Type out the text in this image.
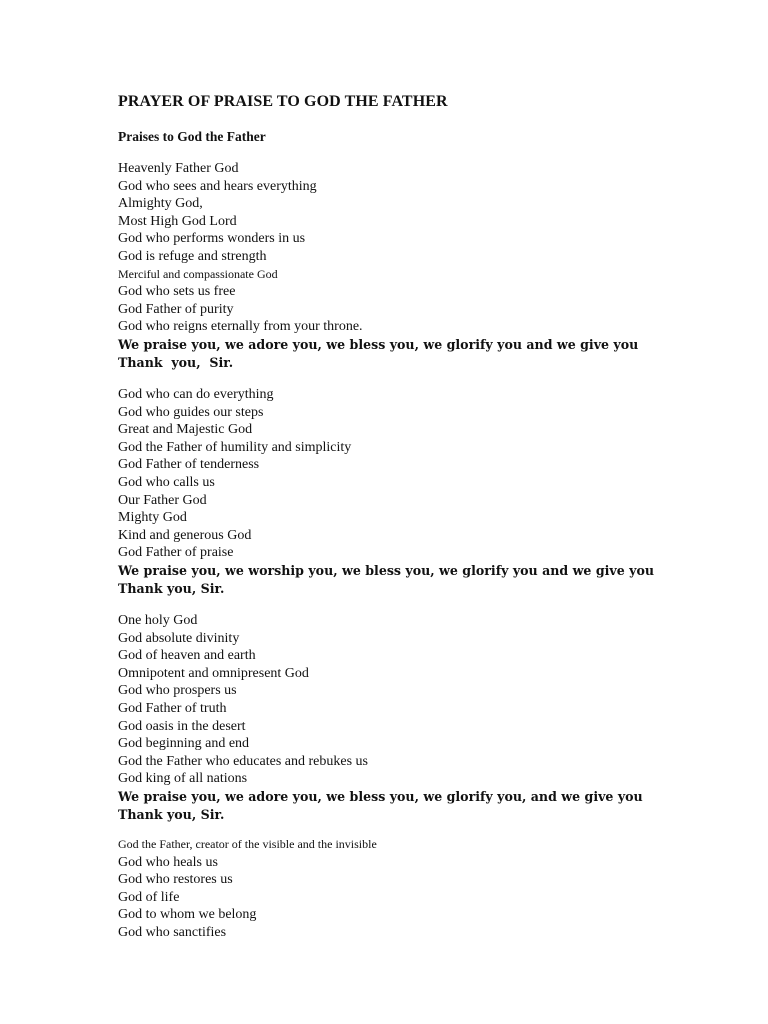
PRAYER OF PRAISE TO GOD THE FATHER
Praises to God the Father
Heavenly Father God
God who sees and hears everything
Almighty God,
Most High God Lord
God who performs wonders in us
God is refuge and strength
Merciful and compassionate God
God who sets us free
God Father of purity
God who reigns eternally from your throne.
We praise you, we adore you, we bless you, we glorify you and we give you
Thank  you,  Sir.
God who can do everything
God who guides our steps
Great and Majestic God
God the Father of humility and simplicity
God Father of tenderness
God who calls us
Our Father God
Mighty God
Kind and generous God
God Father of praise
We praise you, we worship you, we bless you, we glorify you and we give you
Thank you, Sir.
One holy God
God absolute divinity
God of heaven and earth
Omnipotent and omnipresent God
God who prospers us
God Father of truth
God oasis in the desert
God beginning and end
God the Father who educates and rebukes us
God king of all nations
We praise you, we adore you, we bless you, we glorify you, and we give you
Thank you, Sir.
God the Father, creator of the visible and the invisible
God who heals us
God who restores us
God of life
God to whom we belong
God who sanctifies
